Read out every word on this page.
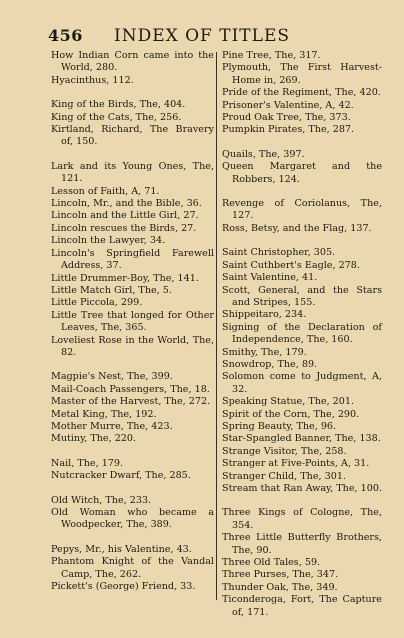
456	INDEX OF TITLES

How Indian Corn came into the World, 280.

Hyacinthus, 112.

King of the Birds, The, 404.

King of the Cats, The, 256.

Kirtland, Richard, The Bravery of, 150.

Lark and its Young Ones, The, 121.

Lesson of Faith, A, 71.

Lincoln, Mr., and the Bible, 36.

Lincoln and the Little Girl, 27.

Lincoln rescues the Birds, 27.

Lincoln the Lawyer, 34.

Lincoln's Springfield Farewell Address, 37.

Little Drummer-Boy, The, 141.

Little Match Girl, The, 5.

Little Piccola, 299.

Little Tree that longed for Other Leaves, The, 365.

Loveliest Rose in the World, The, 82.

Magpie's Nest, The, 399.

Mail-Coach Passengers, The, 18.

Master of the Harvest, The, 272.

Metal King, The, 192.

Mother Murre, The, 423.

Mutiny, The, 220.

Nail, The, 179.

Nutcracker Dwarf, The, 285.

Old Witch, The, 233.

Old Woman who became a Woodpecker, The, 389.

Pepys, Mr., his Valentine, 43.

Phantom Knight of the Vandal Camp, The, 262.

Pickett's (George) Friend, 33.

Pine Tree, The, 317.

Plymouth, The First Harvest-Home in, 269.

Pride of the Regiment, The, 420.

Prisoner's Valentine, A, 42.

Proud Oak Tree, The, 373.

Pumpkin Pirates, The, 287.

Quails, The, 397.

Queen Margaret and the Robbers, 124.

Revenge of Coriolanus, The, 127.

Ross, Betsy, and the Flag, 137.

Saint Christopher, 305.

Saint Cuthbert's Eagle, 278.

Saint Valentine, 41.

Scott, General, and the Stars and Stripes, 155.

Shippeitaro, 234.

Signing of the Declaration of Independence, The, 160.

Smithy, The, 179.

Snowdrop, The, 89.

Solomon come to Judgment, A, 32.

Speaking Statue, The, 201.

Spirit of the Corn, The, 290.

Spring Beauty, The, 96.

Star-Spangled Banner, The, 138.

Strange Visitor, The, 258.

Stranger at Five-Points, A, 31.

Stranger Child, The, 301.

Stream that Ran Away, The, 100.

Three Kings of Cologne, The, 354.

Three Little Butterfly Brothers, The, 90.

Three Old Tales, 59.

Three Purses, The, 347.

Thunder Oak, The, 349.

Ticonderoga, Fort, The Capture of, 171.
